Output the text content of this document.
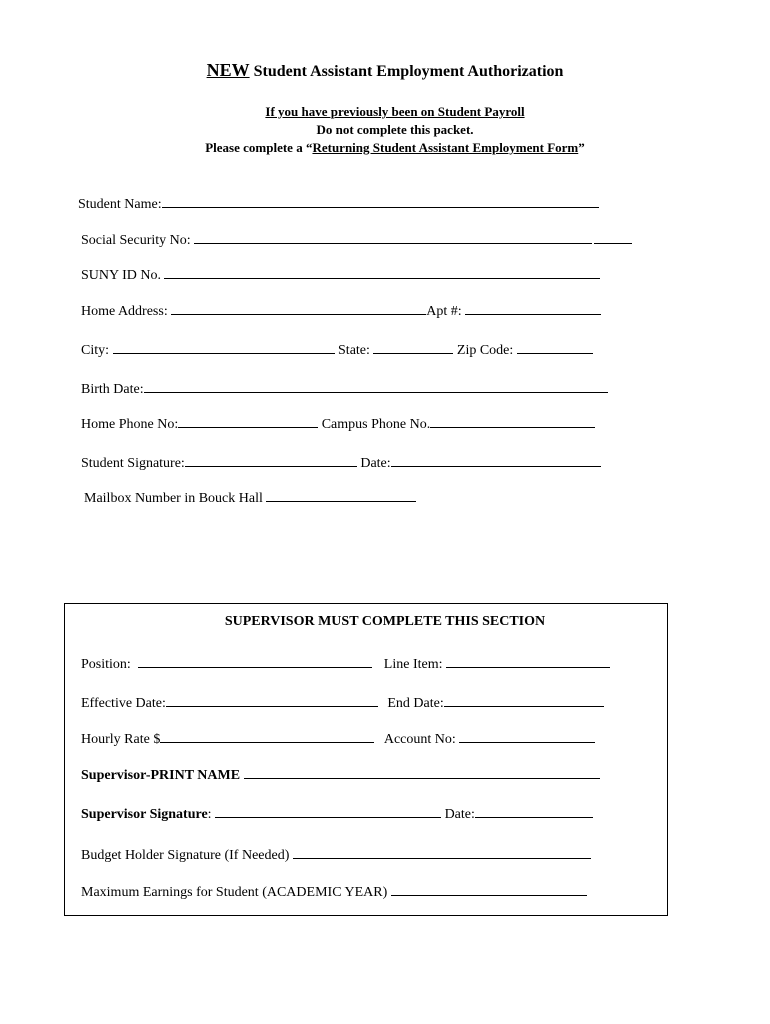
NEW Student Assistant Employment Authorization
If you have previously been on Student Payroll
Do not complete this packet.
Please complete a “Returning Student Assistant Employment Form”
Student Name:
Social Security No:
SUNY ID No.
Home Address:	Apt #:
City:	State:	Zip Code:
Birth Date:
Home Phone No:	Campus Phone No.
Student Signature:	Date:
Mailbox Number in Bouck Hall
SUPERVISOR MUST COMPLETE THIS SECTION
Position:	Line Item:
Effective Date:	End Date:
Hourly Rate $	Account No:
Supervisor-PRINT NAME
Supervisor Signature:	Date:
Budget Holder Signature (If Needed)
Maximum Earnings for Student (ACADEMIC YEAR)
